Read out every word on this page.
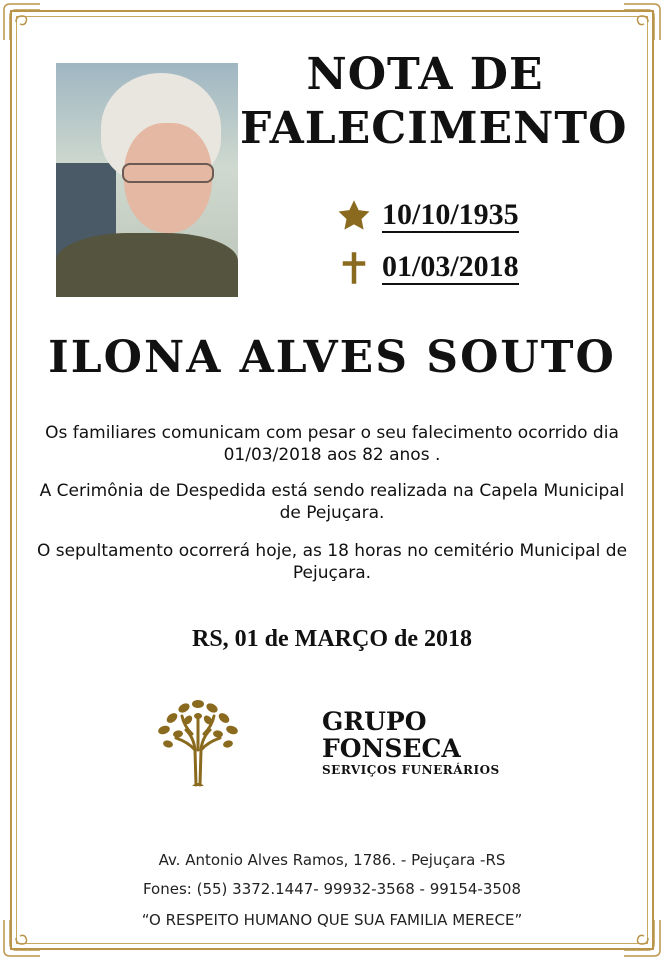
NOTA DE
FALECIMENTO
10/10/1935
01/03/2018
ILONA ALVES SOUTO
Os familiares comunicam com pesar o seu falecimento ocorrido dia 01/03/2018 aos 82 anos .
A Cerimônia de Despedida está sendo realizada na Capela Municipal de Pejuçara.
O sepultamento ocorrerá hoje, as 18 horas no cemitério Municipal de Pejuçara.
RS, 01 de MARÇO de 2018
GRUPO
FONSECA
SERVIÇOS FUNERÁRIOS
Av. Antonio Alves Ramos, 1786. - Pejuçara -RS
Fones: (55) 3372.1447- 99932-3568 - 99154-3508
“O RESPEITO HUMANO QUE SUA FAMILIA MERECE”
